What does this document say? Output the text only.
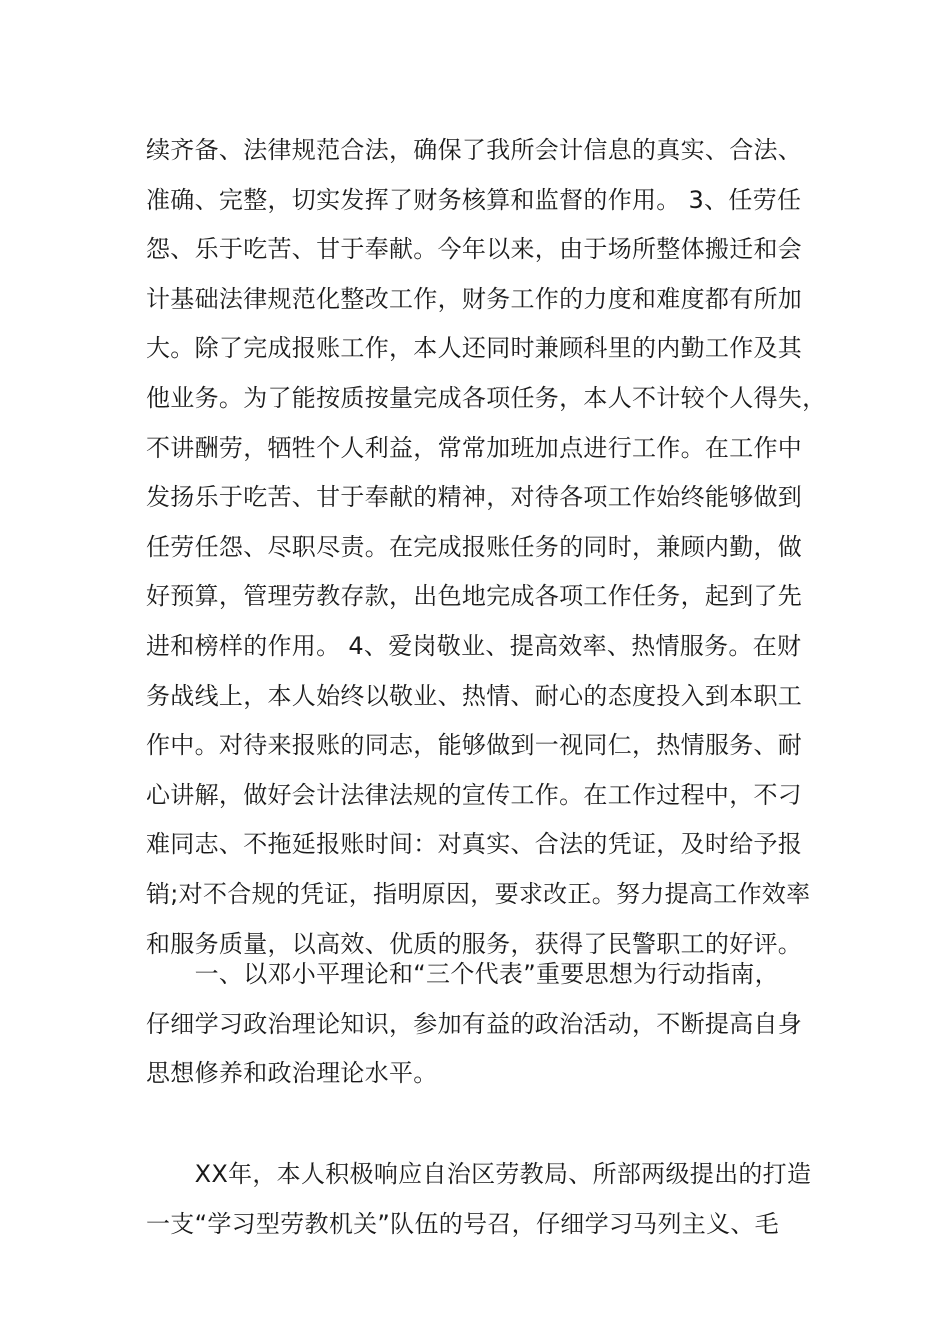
续齐备、法律规范合法，确保了我所会计信息的真实、合法、
准确、完整，切实发挥了财务核算和监督的作用。 3、任劳任
怨、乐于吃苦、甘于奉献。今年以来，由于场所整体搬迁和会
计基础法律规范化整改工作，财务工作的力度和难度都有所加
大。除了完成报账工作，本人还同时兼顾科里的内勤工作及其
他业务。为了能按质按量完成各项任务，本人不计较个人得失，
不讲酬劳，牺牲个人利益，常常加班加点进行工作。在工作中
发扬乐于吃苦、甘于奉献的精神，对待各项工作始终能够做到
任劳任怨、尽职尽责。在完成报账任务的同时，兼顾内勤，做
好预算，管理劳教存款，出色地完成各项工作任务，起到了先
进和榜样的作用。 4、爱岗敬业、提高效率、热情服务。在财
务战线上，本人始终以敬业、热情、耐心的态度投入到本职工
作中。对待来报账的同志，能够做到一视同仁，热情服务、耐
心讲解，做好会计法律法规的宣传工作。在工作过程中，不刁
难同志、不拖延报账时间：对真实、合法的凭证，及时给予报
销;对不合规的凭证，指明原因，要求改正。努力提高工作效率
和服务质量，以高效、优质的服务，获得了民警职工的好评。

　　一、以邓小平理论和“三个代表”重要思想为行动指南，
仔细学习政治理论知识，参加有益的政治活动，不断提高自身
思想修养和政治理论水平。

　　XX年，本人积极响应自治区劳教局、所部两级提出的打造
一支“学习型劳教机关”队伍的号召，仔细学习马列主义、毛
